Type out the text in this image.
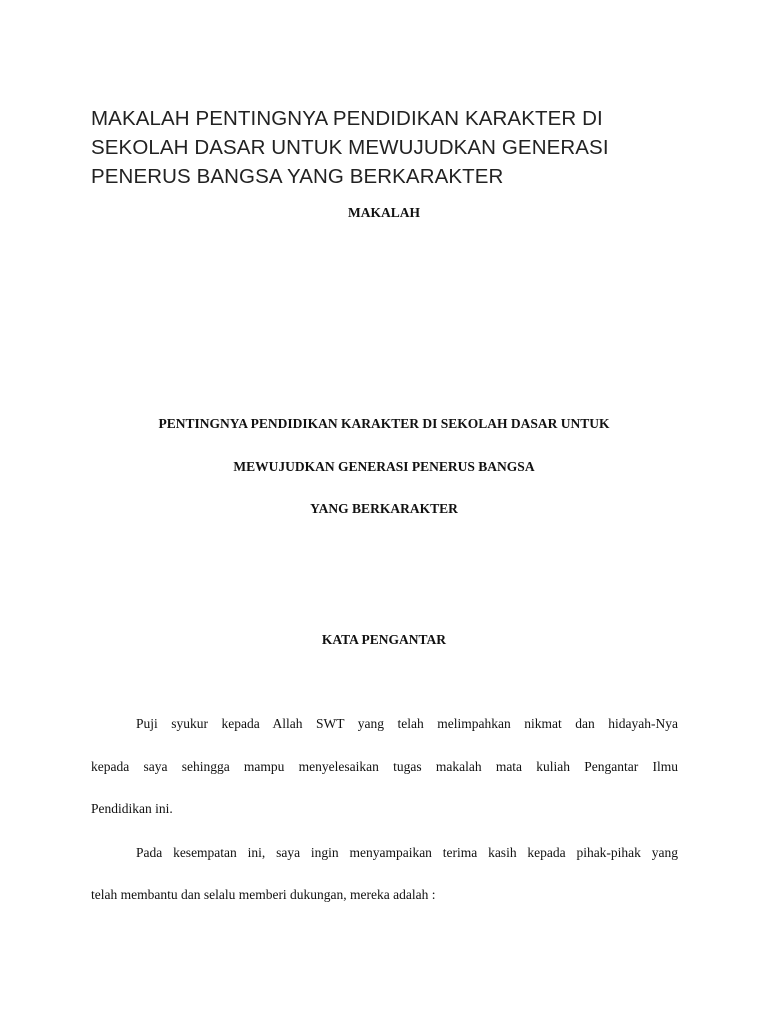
MAKALAH PENTINGNYA PENDIDIKAN KARAKTER DI
SEKOLAH DASAR UNTUK MEWUJUDKAN GENERASI
PENERUS BANGSA YANG BERKARAKTER

MAKALAH

PENTINGNYA PENDIDIKAN KARAKTER DI SEKOLAH DASAR UNTUK

MEWUJUDKAN GENERASI PENERUS BANGSA

YANG BERKARAKTER

KATA PENGANTAR

Puji syukur kepada Allah SWT yang telah melimpahkan nikmat dan hidayah-Nya

kepada saya sehingga mampu menyelesaikan tugas makalah mata kuliah Pengantar Ilmu

Pendidikan ini.

Pada kesempatan ini, saya ingin menyampaikan terima kasih kepada pihak-pihak yang

telah membantu dan selalu memberi dukungan, mereka adalah :
